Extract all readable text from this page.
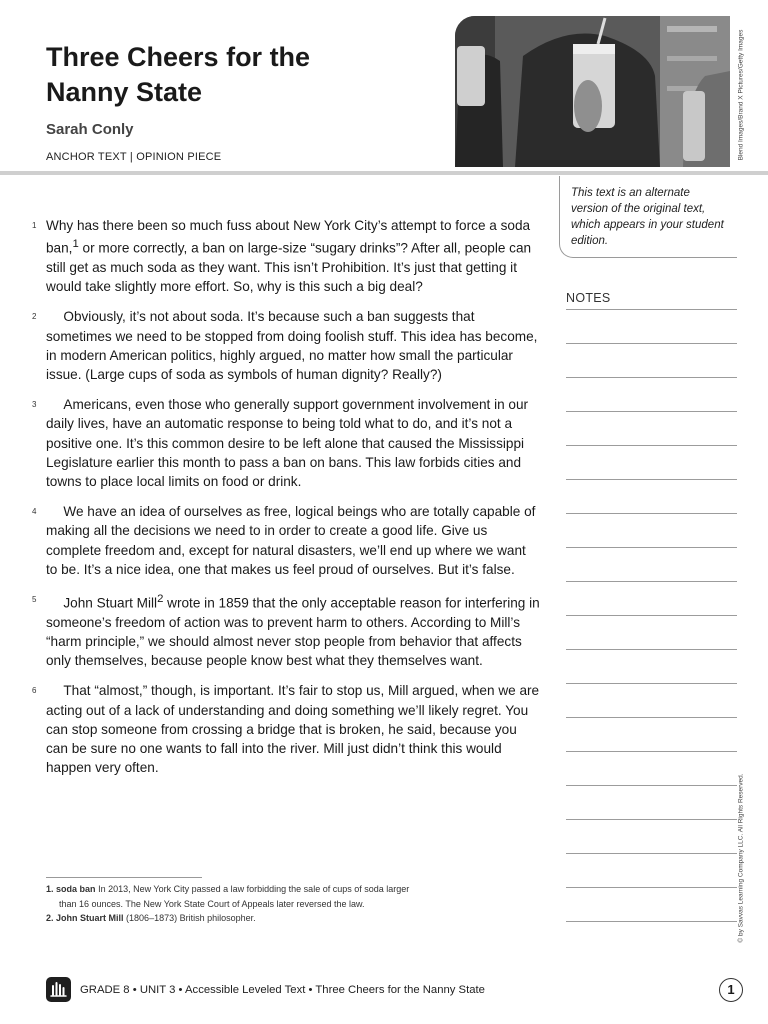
Three Cheers for the
Nanny State
Sarah Conly
ANCHOR TEXT | OPINION PIECE	Blend Images/Brand X Pictures/Getty Images
This text is an alternate version of the original text, which appears in your student edition.
NOTES

1 Why has there been so much fuss about New York City’s attempt to force a soda ban,$^1$ or more correctly, a ban on large-size “sugary drinks”? After all, people can still get as much soda as they want. This isn’t Prohibition. It’s just that getting it would take slightly more effort. So, why is this such a big deal?

2
  Obviously, it’s not about soda. It’s because such a ban suggests that sometimes we need to be stopped from doing foolish stuff. This idea has become, in modern American politics, highly argued, no matter how small the particular issue. (Large cups of soda as symbols of human dignity? Really?)

3
  Americans, even those who generally support government involvement in our daily lives, have an automatic response to being told what to do, and it’s not a positive one. It’s this common desire to be left alone that caused the Mississippi Legislature earlier this month to pass a ban on bans. This law forbids cities and towns to place local limits on food or drink.

4
  We have an idea of ourselves as free, logical beings who are totally capable of making all the decisions we need to in order to create a good life. Give us complete freedom and, except for natural disasters, we’ll end up where we want to be. It’s a nice idea, one that makes us feel proud of ourselves. But it’s false.

5
  John Stuart Mill$^2$ wrote in 1859 that the only acceptable reason for interfering in someone’s freedom of action was to prevent harm to others. According to Mill’s “harm principle,” we should almost never stop people from behavior that affects only themselves, because people know best what they themselves want.

6
  That “almost,” though, is important. It’s fair to stop us, Mill argued, when we are acting out of a lack of understanding and doing something we’ll likely regret. You can stop someone from crossing a bridge that is broken, he said, because you can be sure no one wants to fall into the river. Mill just didn’t think this would happen very often.

1. soda ban In 2013, New York City passed a law forbidding the sale of cups of soda larger
than 16 ounces. The New York State Court of Appeals later reversed the law.
2. John Stuart Mill (1806–1873) British philosopher.	© by Savvas Learning Company LLC. All Rights Reserved.
GRADE 8 • UNIT 3 • Accessible Leveled Text • Three Cheers for the Nanny State	1
